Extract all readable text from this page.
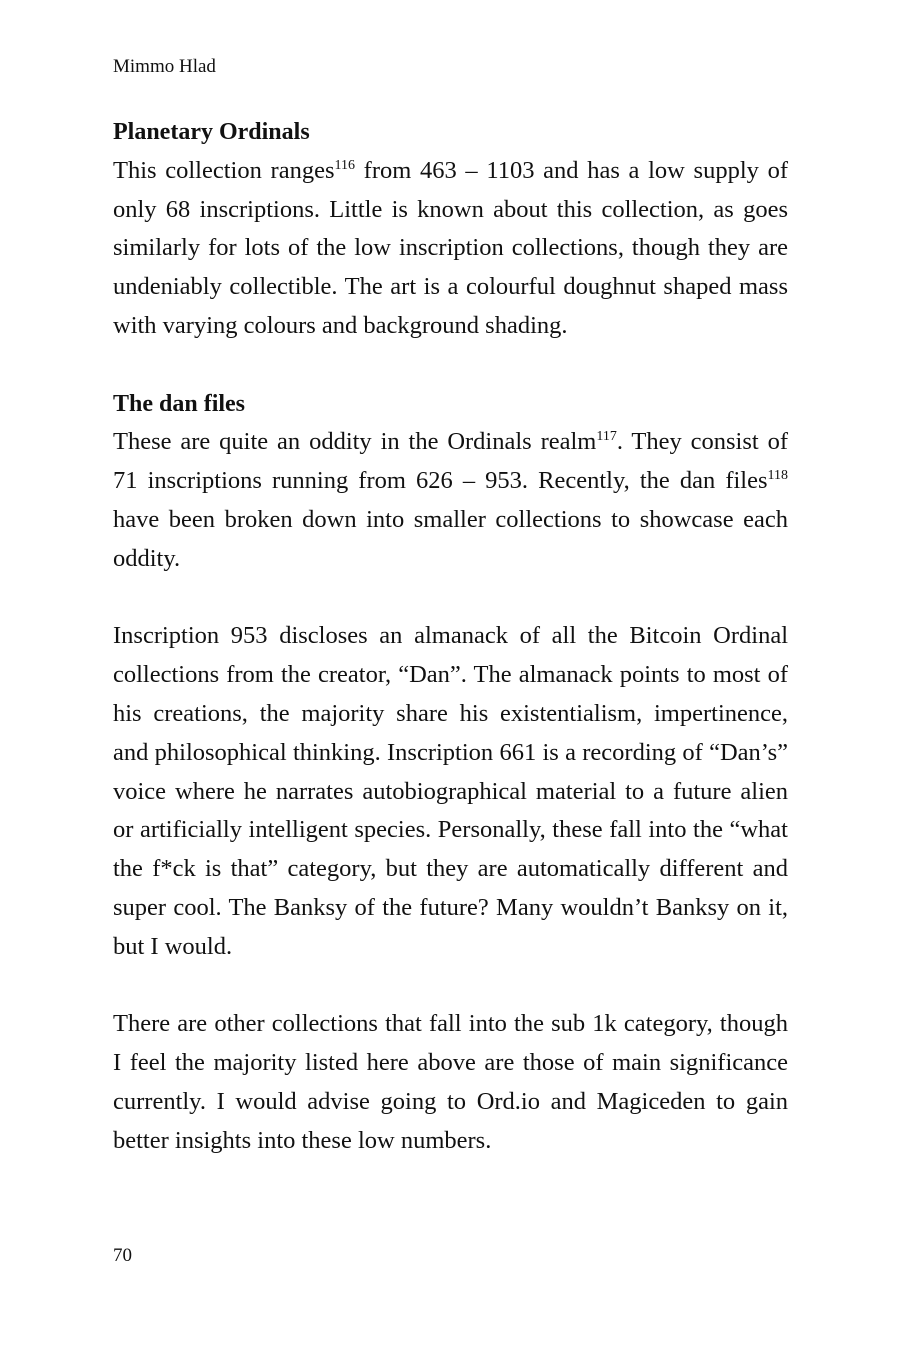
Mimmo Hlad
Planetary Ordinals

This collection ranges$^{116}$ from 463 – 1103 and has a low supply of only 68 inscriptions. Little is known about this collection, as goes similarly for lots of the low inscription collections, though they are undeniably collectible. The art is a colourful doughnut shaped mass with varying colours and background shading.

The dan files

These are quite an oddity in the Ordinals realm$^{117}$. They consist of 71 inscriptions running from 626 – 953. Recently, the dan files$^{118}$ have been broken down into smaller collections to showcase each oddity.

Inscription 953 discloses an almanack of all the Bitcoin Ordinal collections from the creator, “Dan”. The almanack points to most of his creations, the majority share his existentialism, impertinence, and philosophical thinking. Inscription 661 is a recording of “Dan’s” voice where he narrates autobiographical material to a future alien or artificially intelligent species. Personally, these fall into the “what the f*ck is that” category, but they are automatically different and super cool. The Banksy of the future? Many wouldn’t Banksy on it, but I would.

There are other collections that fall into the sub 1k category, though I feel the majority listed here above are those of main significance currently. I would advise going to Ord.io and Magiceden to gain better insights into these low numbers.

70
